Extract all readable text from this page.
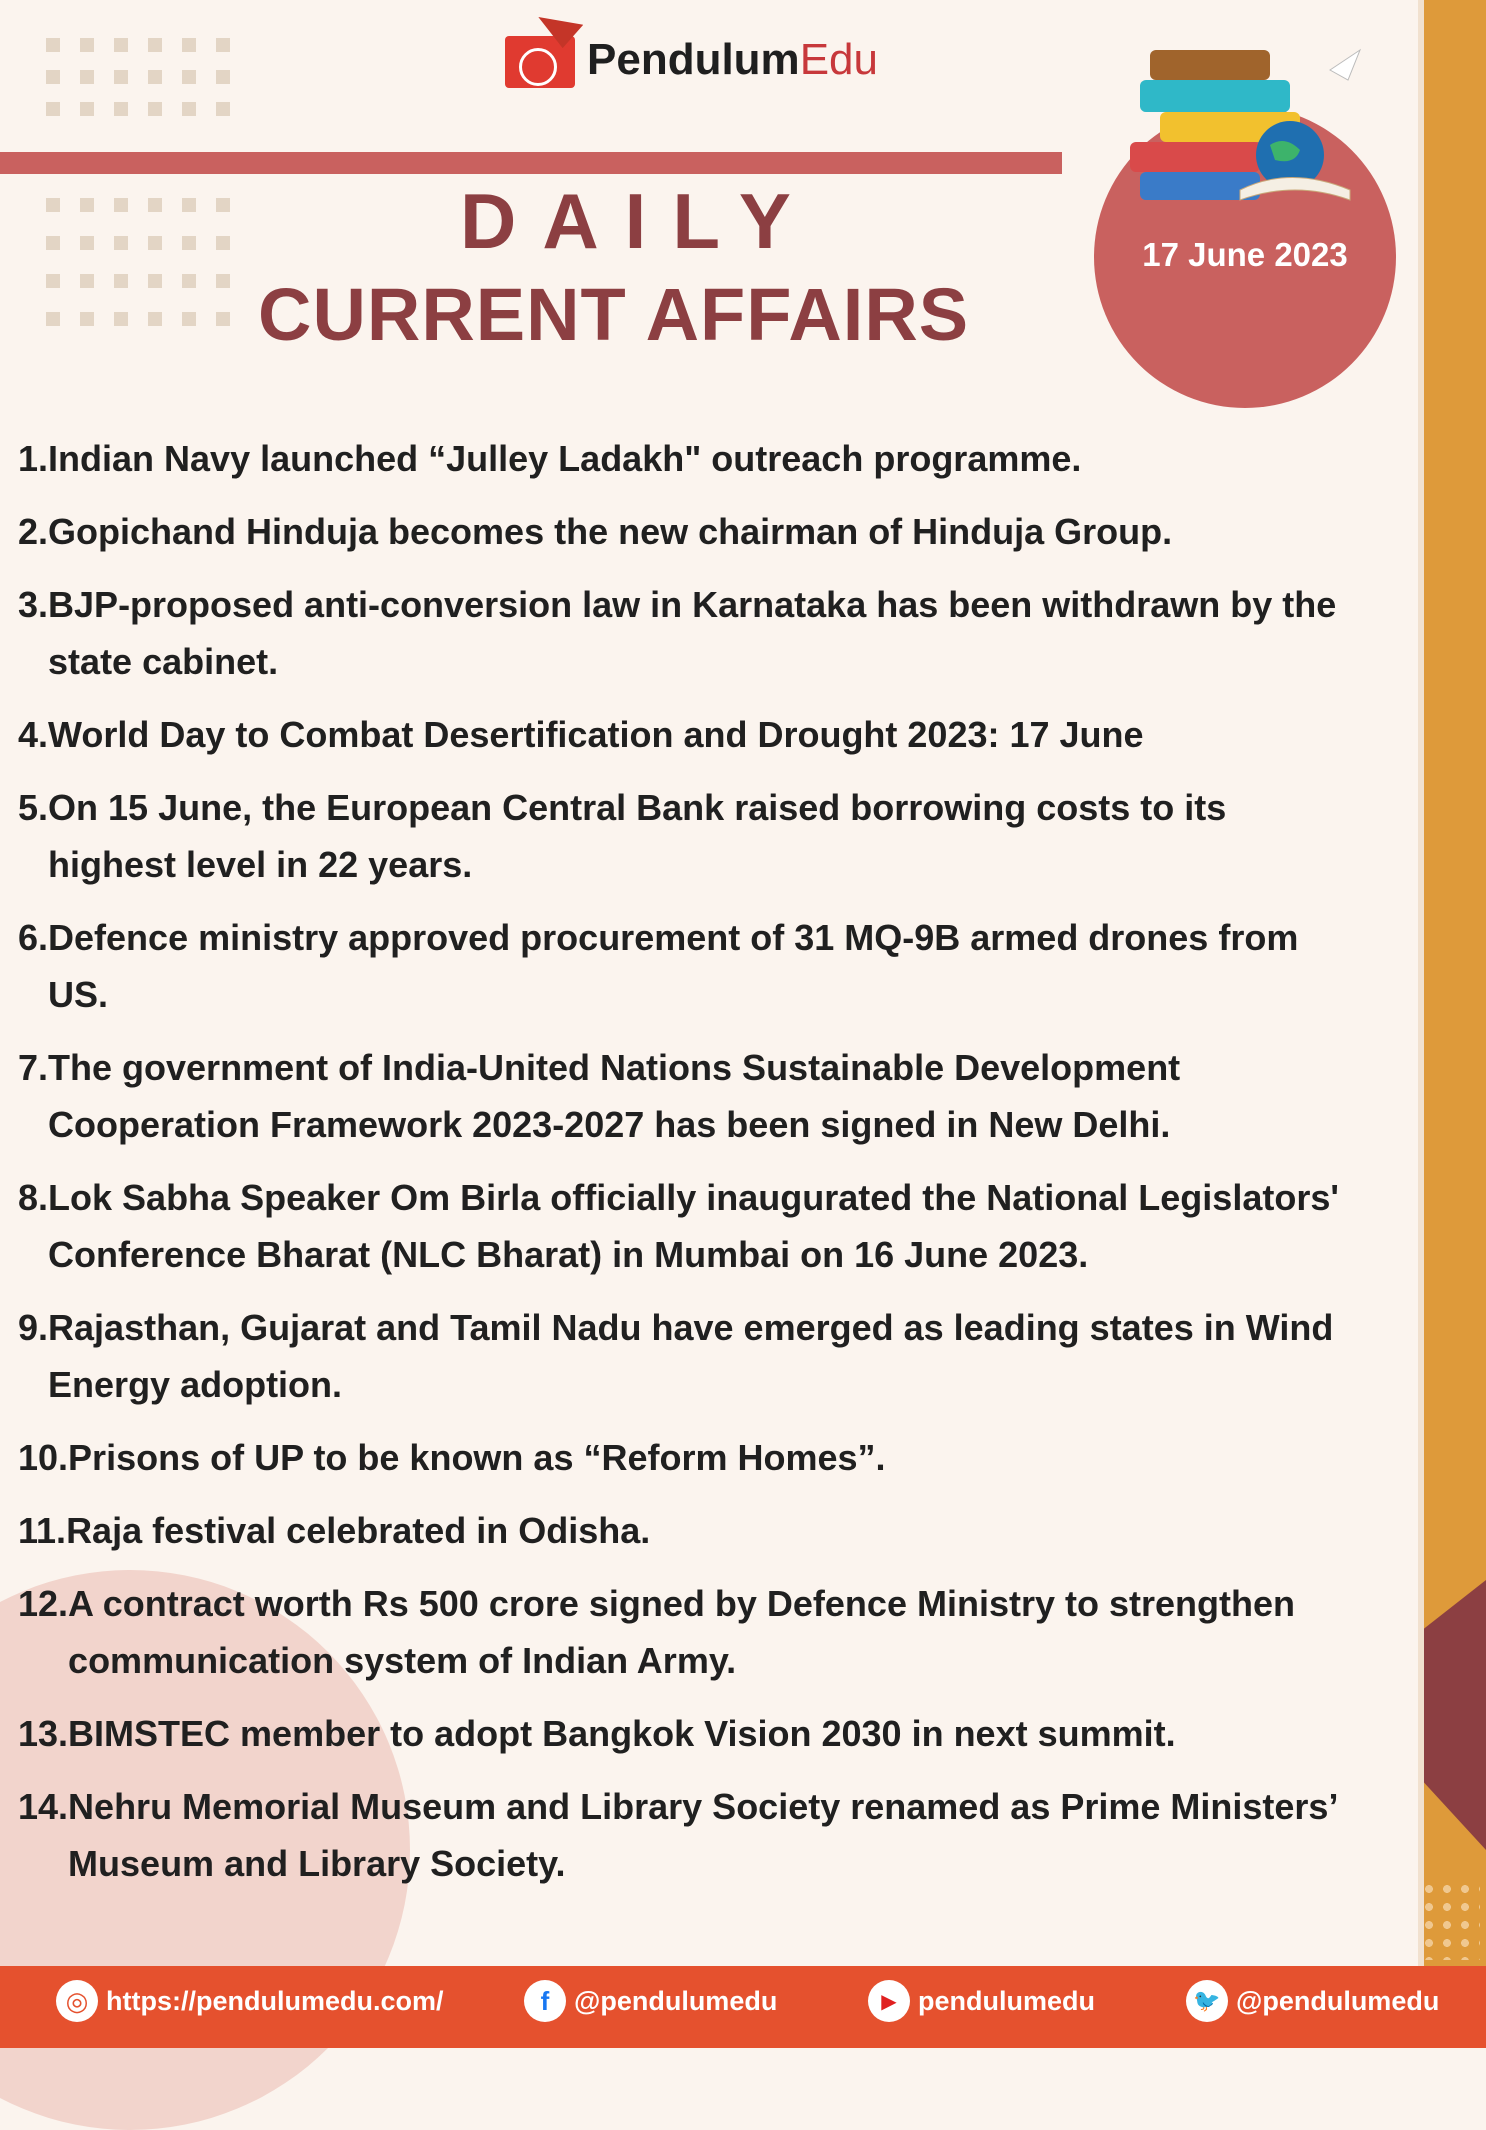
PendulumEdu
DAILY
CURRENT AFFAIRS
17 June 2023
1. Indian Navy launched “Julley Ladakh" outreach programme.
2. Gopichand Hinduja becomes the new chairman of Hinduja Group.
3. BJP-proposed anti-conversion law in Karnataka has been withdrawn by the state cabinet.
4. World Day to Combat Desertification and Drought 2023: 17 June
5. On 15 June, the European Central Bank raised borrowing costs to its highest level in 22 years.
6. Defence ministry approved procurement of 31 MQ-9B armed drones from US.
7. The government of India-United Nations Sustainable Development Cooperation Framework 2023-2027 has been signed in New Delhi.
8. Lok Sabha Speaker Om Birla officially inaugurated the National Legislators' Conference Bharat (NLC Bharat) in Mumbai on 16 June 2023.
9. Rajasthan, Gujarat and Tamil Nadu have emerged as leading states in Wind Energy adoption.
10. Prisons of UP to be known as “Reform Homes”.
11. Raja festival celebrated in Odisha.
12. A contract worth Rs 500 crore signed by Defence Ministry to strengthen communication system of Indian Army.
13. BIMSTEC member to adopt Bangkok Vision 2030 in next summit.
14. Nehru Memorial Museum and Library Society renamed as Prime Ministers’ Museum and Library Society.
◎ https://pendulumedu.com/	f @pendulumedu	▶ pendulumedu	🐦 @pendulumedu
